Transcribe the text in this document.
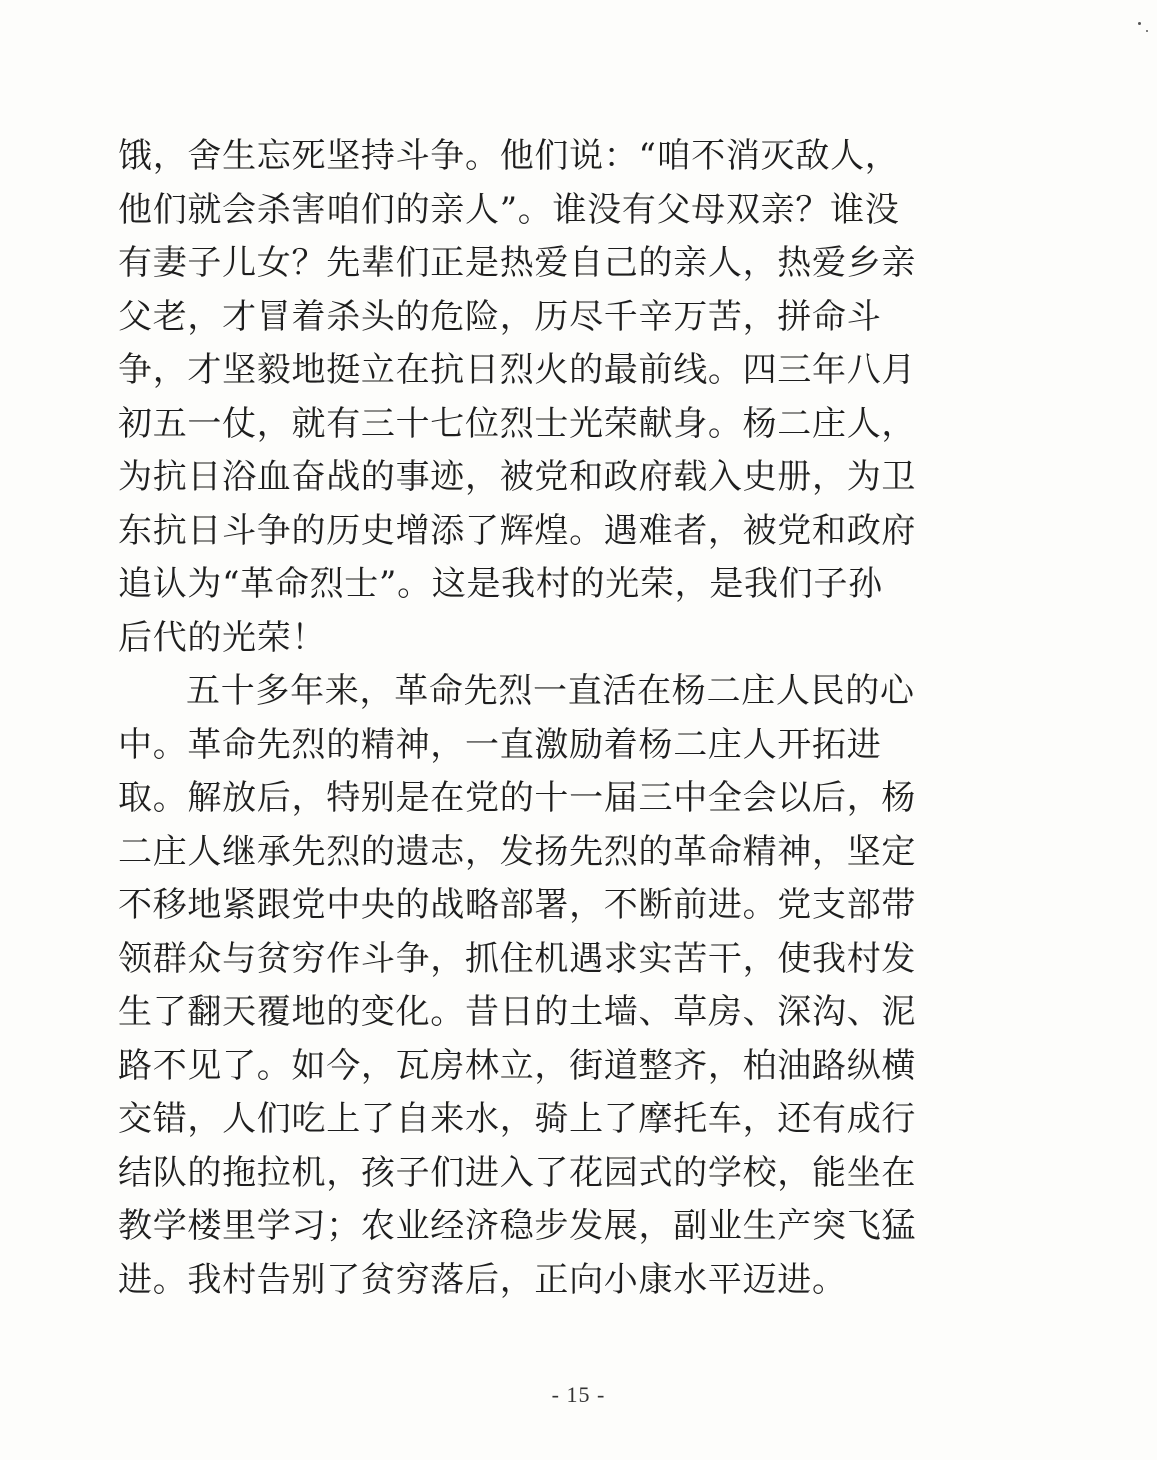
饿，舍生忘死坚持斗争。他们说：“咱不消灭敌人，
他们就会杀害咱们的亲人”。谁没有父母双亲？谁没
有妻子儿女？先辈们正是热爱自己的亲人，热爱乡亲
父老，才冒着杀头的危险，历尽千辛万苦，拼命斗
争，才坚毅地挺立在抗日烈火的最前线。四三年八月
初五一仗，就有三十七位烈士光荣献身。杨二庄人，
为抗日浴血奋战的事迹，被党和政府载入史册，为卫
东抗日斗争的历史增添了辉煌。遇难者，被党和政府
追认为“革命烈士”。这是我村的光荣，是我们子孙
后代的光荣！
五十多年来，革命先烈一直活在杨二庄人民的心
中。革命先烈的精神，一直激励着杨二庄人开拓进
取。解放后，特别是在党的十一届三中全会以后，杨
二庄人继承先烈的遗志，发扬先烈的革命精神，坚定
不移地紧跟党中央的战略部署，不断前进。党支部带
领群众与贫穷作斗争，抓住机遇求实苦干，使我村发
生了翻天覆地的变化。昔日的土墙、草房、深沟、泥
路不见了。如今，瓦房林立，街道整齐，柏油路纵横
交错，人们吃上了自来水，骑上了摩托车，还有成行
结队的拖拉机，孩子们进入了花园式的学校，能坐在
教学楼里学习；农业经济稳步发展，副业生产突飞猛
进。我村告别了贫穷落后，正向小康水平迈进。
- 15 -
